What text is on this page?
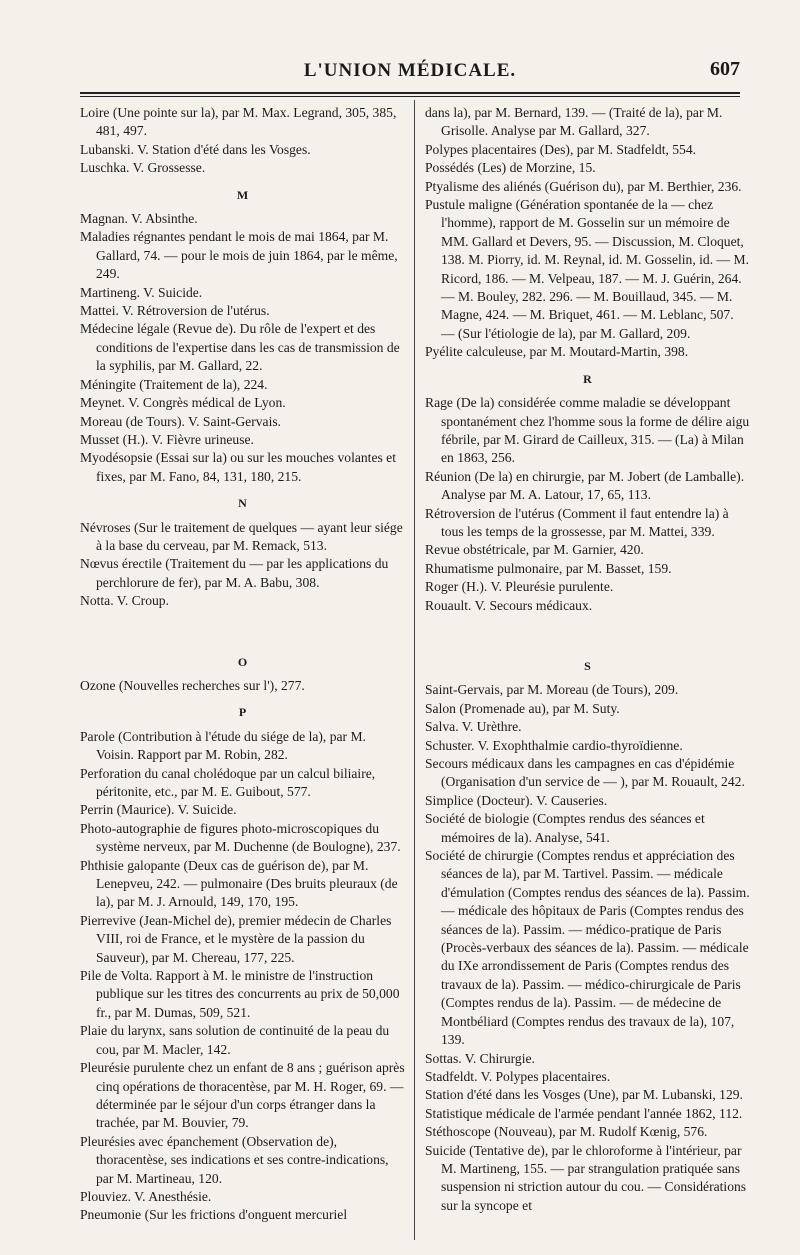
L'UNION MÉDICALE.	607

Loire (Une pointe sur la), par M. Max. Legrand, 305, 385, 481, 497.

Lubanski. V. Station d'été dans les Vosges.

Luschka. V. Grossesse.

M

Magnan. V. Absinthe.

Maladies régnantes pendant le mois de mai 1864, par M. Gallard, 74. — pour le mois de juin 1864, par le même, 249.

Martineng. V. Suicide.

Mattei. V. Rétroversion de l'utérus.

Médecine légale (Revue de). Du rôle de l'expert et des conditions de l'expertise dans les cas de transmission de la syphilis, par M. Gallard, 22.

Méningite (Traitement de la), 224.

Meynet. V. Congrès médical de Lyon.

Moreau (de Tours). V. Saint-Gervais.

Musset (H.). V. Fièvre urineuse.

Myodésopsie (Essai sur la) ou sur les mouches volantes et fixes, par M. Fano, 84, 131, 180, 215.

N

Névroses (Sur le traitement de quelques — ayant leur siége à la base du cerveau, par M. Remack, 513.

Nœvus érectile (Traitement du — par les applications du perchlorure de fer), par M. A. Babu, 308.

Notta. V. Croup.

O

Ozone (Nouvelles recherches sur l'), 277.

P

Parole (Contribution à l'étude du siége de la), par M. Voisin. Rapport par M. Robin, 282.

Perforation du canal cholédoque par un calcul biliaire, péritonite, etc., par M. E. Guibout, 577.

Perrin (Maurice). V. Suicide.

Photo-autographie de figures photo-microscopiques du système nerveux, par M. Duchenne (de Boulogne), 237.

Phthisie galopante (Deux cas de guérison de), par M. Lenepveu, 242. — pulmonaire (Des bruits pleuraux (de la), par M. J. Arnould, 149, 170, 195.

Pierrevive (Jean-Michel de), premier médecin de Charles VIII, roi de France, et le mystère de la passion du Sauveur), par M. Chereau, 177, 225.

Pile de Volta. Rapport à M. le ministre de l'instruction publique sur les titres des concurrents au prix de 50,000 fr., par M. Dumas, 509, 521.

Plaie du larynx, sans solution de continuité de la peau du cou, par M. Macler, 142.

Pleurésie purulente chez un enfant de 8 ans ; guérison après cinq opérations de thoracentèse, par M. H. Roger, 69. — déterminée par le séjour d'un corps étranger dans la trachée, par M. Bouvier, 79.

Pleurésies avec épanchement (Observation de), thoracentèse, ses indications et ses contre-indications, par M. Martineau, 120.

Plouviez. V. Anesthésie.

Pneumonie (Sur les frictions d'onguent mercuriel

dans la), par M. Bernard, 139. — (Traité de la), par M. Grisolle. Analyse par M. Gallard, 327.

Polypes placentaires (Des), par M. Stadfeldt, 554.

Possédés (Les) de Morzine, 15.

Ptyalisme des aliénés (Guérison du), par M. Berthier, 236.

Pustule maligne (Génération spontanée de la — chez l'homme), rapport de M. Gosselin sur un mémoire de MM. Gallard et Devers, 95. — Discussion, M. Cloquet, 138. M. Piorry, id. M. Reynal, id. M. Gosselin, id. — M. Ricord, 186. — M. Velpeau, 187. — M. J. Guérin, 264. — M. Bouley, 282. 296. — M. Bouillaud, 345. — M. Magne, 424. — M. Briquet, 461. — M. Leblanc, 507. — (Sur l'étiologie de la), par M. Gallard, 209.

Pyélite calculeuse, par M. Moutard-Martin, 398.

R

Rage (De la) considérée comme maladie se développant spontanément chez l'homme sous la forme de délire aigu fébrile, par M. Girard de Cailleux, 315. — (La) à Milan en 1863, 256.

Réunion (De la) en chirurgie, par M. Jobert (de Lamballe). Analyse par M. A. Latour, 17, 65, 113.

Rétroversion de l'utérus (Comment il faut entendre la) à tous les temps de la grossesse, par M. Mattei, 339.

Revue obstétricale, par M. Garnier, 420.

Rhumatisme pulmonaire, par M. Basset, 159.

Roger (H.). V. Pleurésie purulente.

Rouault. V. Secours médicaux.

S

Saint-Gervais, par M. Moreau (de Tours), 209.

Salon (Promenade au), par M. Suty.

Salva. V. Urèthre.

Schuster. V. Exophthalmie cardio-thyroïdienne.

Secours médicaux dans les campagnes en cas d'épidémie (Organisation d'un service de — ), par M. Rouault, 242.

Simplice (Docteur). V. Causeries.

Société de biologie (Comptes rendus des séances et mémoires de la). Analyse, 541.

Société de chirurgie (Comptes rendus et appréciation des séances de la), par M. Tartivel. Passim. — médicale d'émulation (Comptes rendus des séances de la). Passim. — médicale des hôpitaux de Paris (Comptes rendus des séances de la). Passim. — médico-pratique de Paris (Procès-verbaux des séances de la). Passim. — médicale du IXe arrondissement de Paris (Comptes rendus des travaux de la). Passim. — médico-chirurgicale de Paris (Comptes rendus de la). Passim. — de médecine de Montbéliard (Comptes rendus des travaux de la), 107, 139.

Sottas. V. Chirurgie.

Stadfeldt. V. Polypes placentaires.

Station d'été dans les Vosges (Une), par M. Lubanski, 129.

Statistique médicale de l'armée pendant l'année 1862, 112.

Stéthoscope (Nouveau), par M. Rudolf Kœnig, 576.

Suicide (Tentative de), par le chloroforme à l'intérieur, par M. Martineng, 155. — par strangulation pratiquée sans suspension ni striction autour du cou. — Considérations sur la syncope et
